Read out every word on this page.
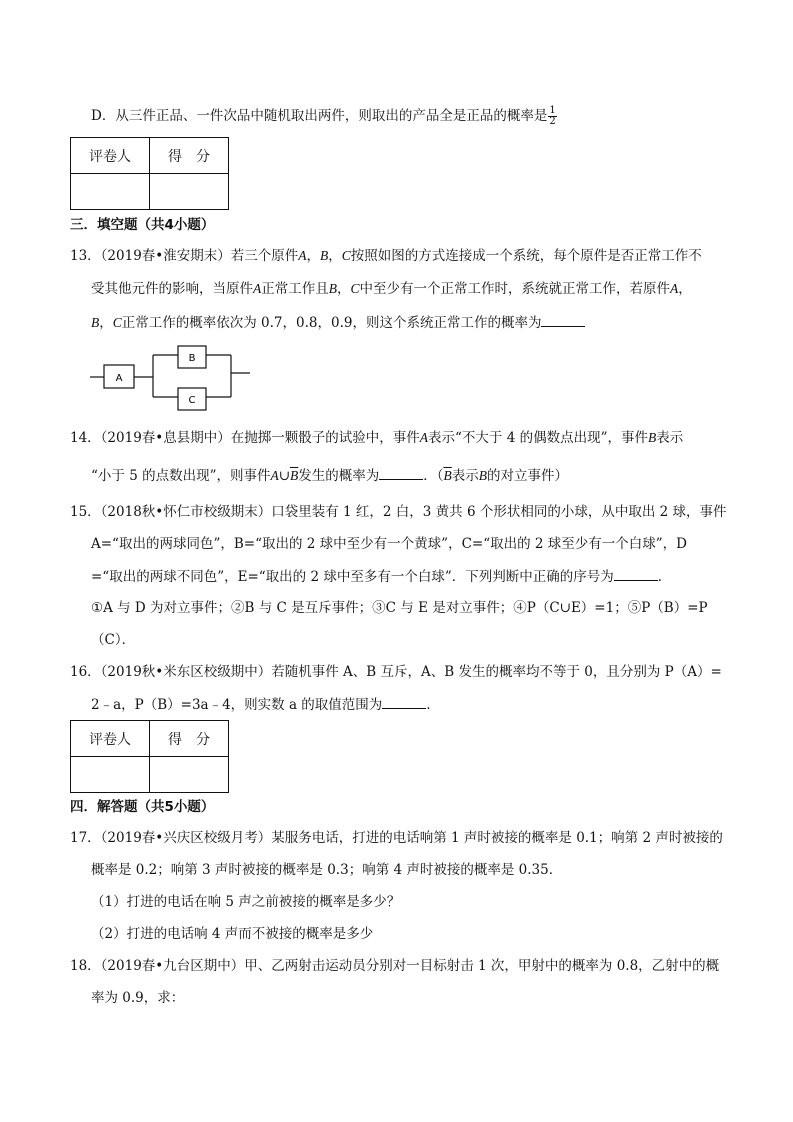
D．从三件正品、一件次品中随机取出两件，则取出的产品全是正品的概率是 $\frac{1}{2}$
评卷人	得　分

三．填空题（共4小题）
13．（2019春•淮安期末）若三个原件A，B，C按照如图的方式连接成一个系统，每个原件是否正常工作不
受其他元件的影响，当原件A正常工作且B，C中至少有一个正常工作时，系统就正常工作，若原件A，
B，C正常工作的概率依次为 0.7，0.8，0.9，则这个系统正常工作的概率为
A
B
C
14．（2019春•息县期中）在抛掷一颗骰子的试验中，事件A表示“不大于 4 的偶数点出现”，事件B表示
“小于 5 的点数出现”，则事件$A\cup\overline{B}$发生的概率为	．（$\overline{B}$表示B的对立事件）
15．（2018秋•怀仁市校级期末）口袋里装有 1 红，2 白，3 黄共 6 个形状相同的小球，从中取出 2 球，事件
A=“取出的两球同色”，B=“取出的 2 球中至少有一个黄球”，C=“取出的 2 球至少有一个白球”，D
=“取出的两球不同色”，E=“取出的 2 球中至多有一个白球”．下列判断中正确的序号为	．
①A 与 D 为对立事件；②B 与 C 是互斥事件；③C 与 E 是对立事件；④P（C∪E）=1；⑤P（B）=P
（C）．
16．（2019秋•米东区校级期中）若随机事件 A、B 互斥，A、B 发生的概率均不等于 0，且分别为 P（A）=
2﹣a，P（B）=3a﹣4，则实数 a 的取值范围为	．
评卷人	得　分

四．解答题（共5小题）
17．（2019春•兴庆区校级月考）某服务电话，打进的电话响第 1 声时被接的概率是 0.1；响第 2 声时被接的
概率是 0.2；响第 3 声时被接的概率是 0.3；响第 4 声时被接的概率是 0.35．
（1）打进的电话在响 5 声之前被接的概率是多少？
（2）打进的电话响 4 声而不被接的概率是多少
18．（2019春•九台区期中）甲、乙两射击运动员分别对一目标射击 1 次，甲射中的概率为 0.8，乙射中的概
率为 0.9，求：
